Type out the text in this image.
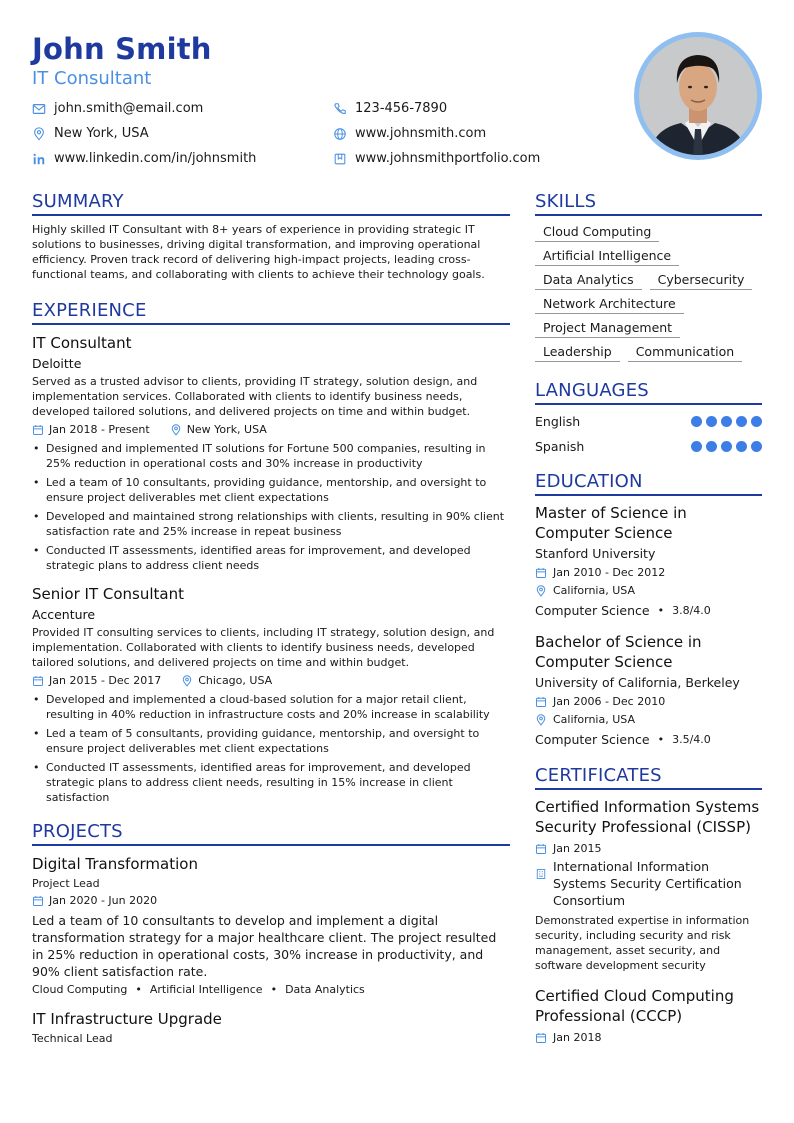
John Smith
IT Consultant
john.smith@email.com	123-456-7890
New York, USA	www.johnsmith.com
www.linkedin.com/in/johnsmith	www.johnsmithportfolio.com
SUMMARY
Highly skilled IT Consultant with 8+ years of experience in providing strategic IT solutions to businesses, driving digital transformation, and improving operational efficiency. Proven track record of delivering high-impact projects, leading cross-functional teams, and collaborating with clients to achieve their technology goals.
EXPERIENCE
IT Consultant
Deloitte
Served as a trusted advisor to clients, providing IT strategy, solution design, and implementation services. Collaborated with clients to identify business needs, developed tailored solutions, and delivered projects on time and within budget.
Jan 2018 - Present	New York, USA
• Designed and implemented IT solutions for Fortune 500 companies, resulting in 25% reduction in operational costs and 30% increase in productivity
• Led a team of 10 consultants, providing guidance, mentorship, and oversight to ensure project deliverables met client expectations
• Developed and maintained strong relationships with clients, resulting in 90% client satisfaction rate and 25% increase in repeat business
• Conducted IT assessments, identified areas for improvement, and developed strategic plans to address client needs
Senior IT Consultant
Accenture
Provided IT consulting services to clients, including IT strategy, solution design, and implementation. Collaborated with clients to identify business needs, developed tailored solutions, and delivered projects on time and within budget.
Jan 2015 - Dec 2017	Chicago, USA
• Developed and implemented a cloud-based solution for a major retail client, resulting in 40% reduction in infrastructure costs and 20% increase in scalability
• Led a team of 5 consultants, providing guidance, mentorship, and oversight to ensure project deliverables met client expectations
• Conducted IT assessments, identified areas for improvement, and developed strategic plans to address client needs, resulting in 15% increase in client satisfaction
PROJECTS
Digital Transformation
Project Lead
Jan 2020 - Jun 2020
Led a team of 10 consultants to develop and implement a digital transformation strategy for a major healthcare client. The project resulted in 25% reduction in operational costs, 30% increase in productivity, and 90% client satisfaction rate.
Cloud Computing • Artificial Intelligence • Data Analytics
IT Infrastructure Upgrade
Technical Lead
SKILLS
Cloud Computing
Artificial Intelligence
Data Analytics	Cybersecurity
Network Architecture
Project Management
Leadership	Communication
LANGUAGES
English
Spanish
EDUCATION
Master of Science in Computer Science
Stanford University
Jan 2010 - Dec 2012
California, USA
Computer Science • 3.8/4.0
Bachelor of Science in Computer Science
University of California, Berkeley
Jan 2006 - Dec 2010
California, USA
Computer Science • 3.5/4.0
CERTIFICATES
Certified Information Systems Security Professional (CISSP)
Jan 2015
International Information Systems Security Certification Consortium
Demonstrated expertise in information security, including security and risk management, asset security, and software development security
Certified Cloud Computing Professional (CCCP)
Jan 2018
